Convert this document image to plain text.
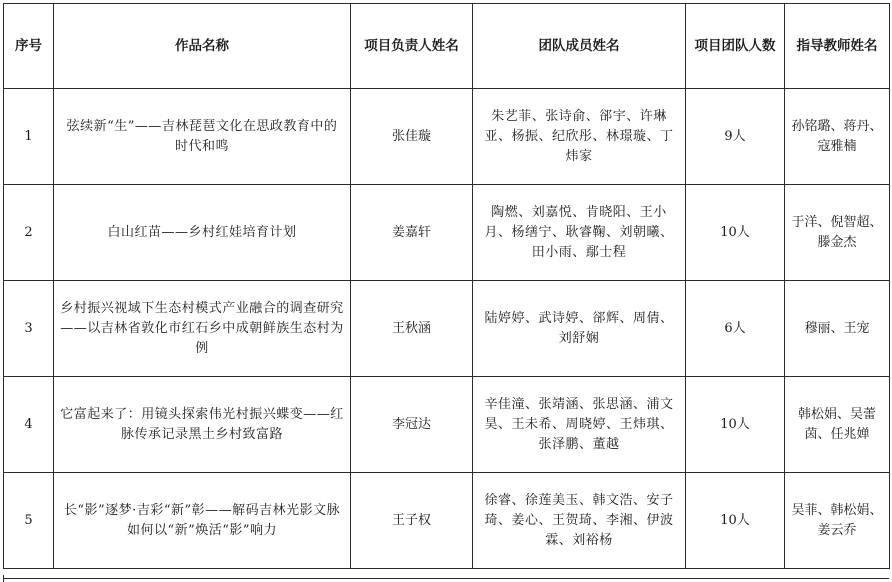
序号	作品名称	项目负责人姓名	团队成员姓名	项目团队人数	指导教师姓名
1	弦续新“生”——吉林琵琶文化在思政教育中的时代和鸣	张佳璇	朱艺菲、张诗俞、郤宇、许琳亚、杨振、纪欣彤、林璟璇、丁炜家	9人	孙铭璐、蒋丹、寇雅楠
2	白山红苗——乡村红娃培育计划	姜嘉轩	陶燃、刘嘉悦、肯晓阳、王小月、杨缮宁、耿睿鞠、刘朝曦、田小雨、鄢士程	10人	于洋、倪智超、滕金杰
3	乡村振兴视域下生态村模式产业融合的调查研究——以吉林省敦化市红石乡中成朝鲜族生态村为例	王秋涵	陆婷婷、武诗婷、郤辉、周倩、刘舒娴	6人	穆丽、王宠
4	它富起来了：用镜头探索伟光村振兴蝶变——红脉传承记录黑土乡村致富路	李冠达	辛佳潼、张靖涵、张思涵、浦文昊、王未希、周晓婷、王炜琪、张泽鹏、董越	10人	韩松娟、吴蕾茵、任兆婵
5	长“影”逐梦·吉彩“新”彰——解码吉林光影文脉如何以“新”焕活“影”响力	王子权	徐睿、徐莲美玉、韩文浩、安子琦、姜心、王贺琦、李湘、伊波霖、刘裕杨	10人	吴菲、韩松娟、姜云乔
